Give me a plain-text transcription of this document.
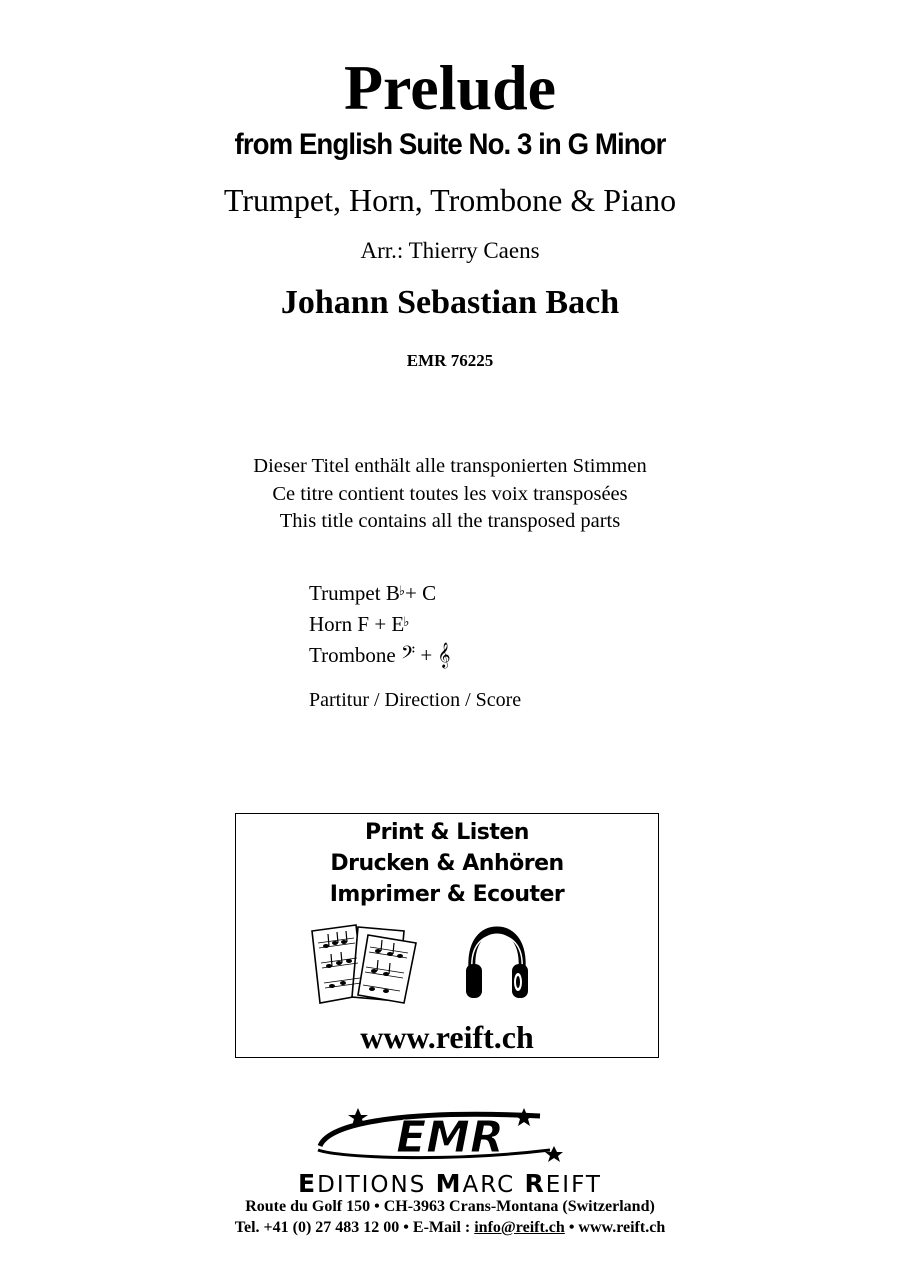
Prelude
from English Suite No. 3 in G Minor
Trumpet, Horn, Trombone & Piano
Arr.: Thierry Caens
Johann Sebastian Bach
EMR 76225
Dieser Titel enthält alle transponierten Stimmen
Ce titre contient toutes les voix transposées
This title contains all the transposed parts
Trumpet B♭+ C
Horn F + E♭
Trombone 𝄢 + 𝄞
Partitur / Direction / Score
Print & Listen
Drucken & Anhören
Imprimer & Ecouter
www.reift.ch
EMR
EDITIONS MARC REIFT
Route du Golf 150 • CH-3963 Crans-Montana (Switzerland)
Tel. +41 (0) 27 483 12 00 • E-Mail : info@reift.ch • www.reift.ch
